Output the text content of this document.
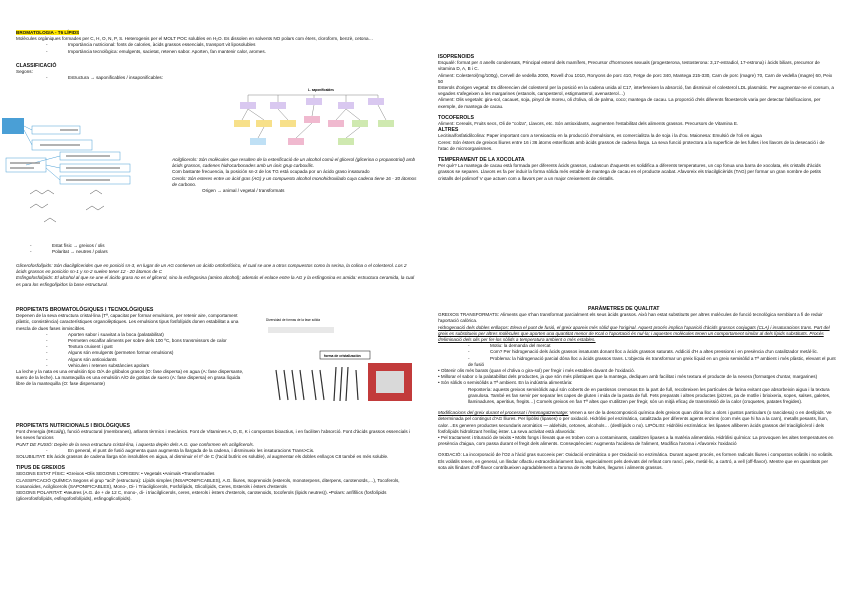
BROMATOLOGIA - T6 LÍPIDS

Molècules orgàniques formades per C, H, O, N, P, S. Heterogenis per el MOLT POC solubles en H₂O. Es dissolen en solvents NO polars com èters, cloroform, benzè, cetona…

- Importància nutricional: fonts de calories, àcids grassos essencials, transport vit liposolubles

- Importància tecnològica: emulgents, sacietat, retenen sabor. Aporten, fan mantenir calor, aromes.

CLASSIFICACIÓ

Segons:

- Estructura → saponificables / insaponificables:

L. saponificables

Acilglicerols: Són molècules que resulten de la esterificació de un alcohol comú el glicerol (glicerina o propanotriol) amb àcids grassos, cadenes hidrocarbonades amb un únic grup carboxílic.

Com bastante frecuencia, la posición sn-2 de los TG está ocupada por un ácido graso insaturado

Cerols: Són esteres entre un àcid gras (AG) y un compuesto alcohol monohidroxilado cuya cadena tiene 16 - 30 átomos de carbono.

Origen → animal / vegetal / transformats

- Estat físic → greixos / olis

- Polaritat → neutres / polars

Glicerofosfolípids: Són diacilglicerides que en posició sn-3, en lugar de un AG contienen un ácido ortofosfórico, el cual se une a otros compuestos como la serina, la colina o el colesterol. Los 2 àcids grassos en posición sn-1 y sn-2 suelen tener 12 - 20 átomos de C

Esfingofosfolípids: El alcohol al que se une el ácido graso no es el glicerol, sino la esfingosina (amino alcohol); además el enlace entre la AG y la esfingosina es amida: estructura ceramida, la cual es para los esfingolípidos la base estructural.

PROPIETATS BROMATOLÒGIQUES I TECNOLÒGIQUES

Depenen de la seva estructura cristal·lina (Tª, capacitat per formar emulsions, per retenir aire, comportament plàstic, consistència) característiques organolèptiques. Les emulsions tipus fosfolípids donen estabilitat a una mescla de dues fases inmiscibles.

- Aporten sabor i suavitat a la boca (palatabilitat)

- Permeten escalfar aliments per sobre dels 100 ºC, bons transmissors de calor

- Textura cruixent i gust

- Alguns són emulgents (permeten formar emulsions)

- Alguns són antioxidants

- Vehiculen i retenen substàncies apolars

La leche y la nata es una emulsión tipo O/A de glóbulos grasos (O: fase dispersa) en agua (A: fase dispersante, suero de la leche). La mantequilla es una emulsión A/O de gotitas de suero (A: fase dispersa) en grasa líquida libre de la mantequilla (O: fase dispersante)

Diversidad de formas de la fase sólida
forma de cristalización

PROPIETATS NUTRICIONALS I BIOLÒGIQUES

Font d'energia (9Kcal/g), funció estructural (membranes), aïllants tèrmics i mecànics. Font de Vitamines A, D, E, K i compostos bioactius, i en faciliten l'absorció. Font d'àcids grassos essencials i les seves funcions

PUNT DE FUSIÓ: Depèn de la seva estructura cristal·lina, i aquesta depèn dels A.G. que conformen els acilglicerols.

- En general, el punt de fusió augmenta quan augmenta la llargada de la cadena, i disminueix les insaturacions Trans>Cis.

SOLUBILITAT: Els àcids grassos de cadena llarga són insolubles en aigua, al disminuir el nº de C (l'acid butíric es soluble), al augmentar els dobles enllaços C8 també es més soluble.

TIPUS DE GREIXOS

SEGONS ESTAT FÍSIC: •Greixos •Olis SEGONS L'ORIGEN: • Vegetals •Animals •Transformades

CLASSIFICACIÓ QUÍMICA Segons el grup "acil" (estructura): Lípids simples (INSAPONIFICABLES), A.G. lliures, Isoprenoids (esterols, monoterpens, diterpens, carotenoïds,…), Tocoferols, Icosanoides, Acilglicerols (SAPONIFICABLES), Mono-, Di- i Triacilglicerols, Fosfolípids, Glicolípids, Ceres, Esterols i èsters d'esterols

SEGONS POLARITAT: •Neutres (A.G. de + de 12 C, mono-, di- i triacilglicerols, ceres, esterols i èsters d'esterols, carotenoids, tocoferols (lipids neutres)). •Polars: anfífilics (fosfolípids (glicerofosfolípids, esfingofosfolípids), esfingoglicolípids).

ISOPRENOIDS

Esqualè: format per 4 anells condensats, Principal esterol dels mamífers, Precursor d'hormones sexuals (progesterona, testosterona: 3,17-estradiol, 17-estrona) i àcids biliars, precursor de vitamina D, A, B i C.

Aliment: Colesterol(mg/100g), Cervell de vedella 2000, Rovell d'ou 1010, Ronyons de porc 410, Fetge de porc 340, Mantega 215-330, Carn de porc (magre) 70, Carn de vedella (magre) 60, Peix 50

Esterols d'origen vegetal: Es diferencien del colesterol per la posició en la cadena unida al C17, interfereixen la absorció, fan disminuir el colesterol LDL plasmàtic. Per augmentar-ne el consum, a vegades s'afegeixen a les margarines (estanols, campesterol, estigmasterol, avenasterol…)

Aliment: Olis vegetals: gira-sol, cacauet, soja, pinyol de moreu, oli d'oliva, oli de palma, coco; mantega de cacau. La proporció d'els diferents fitoesterols varia per detectar falsificacions, per exemple, de mantega de cacau.

TOCOFEROLS

Aliment: Cereals, Fruits secs, Oli de "colza", Llavors, etc. Són antioxidants, augmenten l'estabilitat dels aliments grassos. Precursors de Vitamina E.

ALTRES

Lecitina/fosfatidilcolina: Paper important com a tensioactiu en la producció d'emulsions, es comercialitza la de soja i la d'ou. Maionesa: Emulsió de l'oli en aigua

Ceres: Són èsters de greixos lliures entre 16 i 36 àtoms esterificats amb àcids grassos de cadena llarga. La seva funció protectora a la superfície de les fulles i les llavors de la desecació i de l'atac de microorganismes.

TEMPERAMENT DE LA XOCOLATA

Per què? La mantega de cacau està formada per diferents àcids grassos, cadascun d'aquests es solidifica a diferents temperatures, un cop fonua una barra de xocolata, els cristalls d'àcids grassos se separen. Llavors es fa per induir la forma sòlida més estable de mantega de cacau en el producte acabat. Afavoreix els triacilglicèrids (TAG) per formar un gran nombre de petits cristalls del polimorf V que actuen com a llavors per a un major creixement de cristalls.

PARÀMETRES DE QUALITAT

GREIXOS TRANSFORMATS: Aliments que s'han transformat parcialment els seus àcids grassos. Això han estat substituïts per altres molècules de funció tecnològica semblant a fi de reduir l'aportació calòrica.

Hidrogenació dels dobles enllaços: Eleva el punt de fusió, el greix apareix més sòlid que l'original. Aquest procés implica l'aparició d'àcids grassos conjugats (CLA) i insaturacions trans. Part del greix es substitueix per altres molècules que aporten una quantitat menor de Kcal o l'aportació és nul·la; i aquestes molècules tenen un comportament similar al dels lípids substituïts. Procés d'eliminació dels olis per fer-los sòlids a temperatura ambient o més estables.

- Motiu: la demanda del mercat

- Com? Per hidrogenació dels àcids grassos insaturats donant lloc a àcids grassos saturats. Addició d'H a altes pressions i en presència d'un catalitzador metàl·lic.

- Problema: la hidrogenació parcial dóna lloc a àcids grassos trans. L'objectiu és transformar un greix líquid en un greix semisòlid a Tª ambient i més plàstic, elevant el punt de fusió

• Obtenir olis més barats (quan el d'oliva o gira-sol) per fregir i més estables davant de l'oxidació.

• Millorar el sabor o la palatabilitat dels productes, ja que són més plàstiques que la mantega, dediquen amb facilitat i més textura el producte de la nevera (formatges d'untar, margarines)

• Són sòlids o semisòlids a Tª ambient. En la indústria alimentària:

Repostería: aquests greixos semisòlids aquí són coberts de en pastissos cremosos En la part de full, recobreixen les partícules de farina evitant que absorbeixin aigua i la textura granulosa. També es fan servir per separar les capes de gluten i mida de la pasta de full. Fets preparats i altres productes (pizzes, pa de motlle i brioixeria, sopes, salses, galetes, llaminadures, aperitius, fregits…) Comels greixos en fan Tª altes que s'utilitzen per fregir, són un mitjà eficaç de transmissió de la calor (croquetes, patates fregides).

Modificacions del greix durant el processat i l'emmagatzematge: Venen a ser de la descomposició química dels greixos quan dóna lloc a olors i gustos particulars (o rancidesa) o en deslípids. Ve determinada pel contingut d'AG lliures. Per lipòlisi (lipases) o per oxidació. Hidròlisi pel enzimàtica, catalitzada per diferents agents enzims (com més que hi ha a la carn), metalls pesants, llum, calor…Es generen productes secundaris aromàtics — aldehids, cetones, alcohols… (desllípids o no). LIPÒLISI: Hidròlisi enzimàtica: les lipases alliberen àcids grassos del triacilglicèrol i dels fosfolípids hidrolitzant l'enllaç èster. La seva activitat està afavorida:

• Pel tractament i trituració de teixits • Molts fongs i llevats que es troben com a contaminants, catalitzen lipases a la matèria alimentària. Hidròlisi química: La provoquen les altes temperatures en presència d'aigua, com passa durant el fregit dels aliments. Conseqüències: Augmenta l'acidesa de l'aliment, Modifica l'aroma i Afavoreix l'oxidació

OXIDACIÓ: La incorporació de l'O2 a l'àcid gras succeeix per: Oxidació enzimàtica o per Oxidació no enzimàtica. Durant aquest procés, es formen radicals lliures i compostos volàtils i no volàtils. Els volàtils tenen, en general, un llindar olfactiu extraordinàriament baix, especialment pels derivats del refinat com rancí, peix, metàl·lic, a cartró, a vell (off-flavor). Mentre que en quantitats per sota als llindars d'off-flavor contribueixen agradablement a l'aroma de molts fruites, llegums i aliments grassos.
